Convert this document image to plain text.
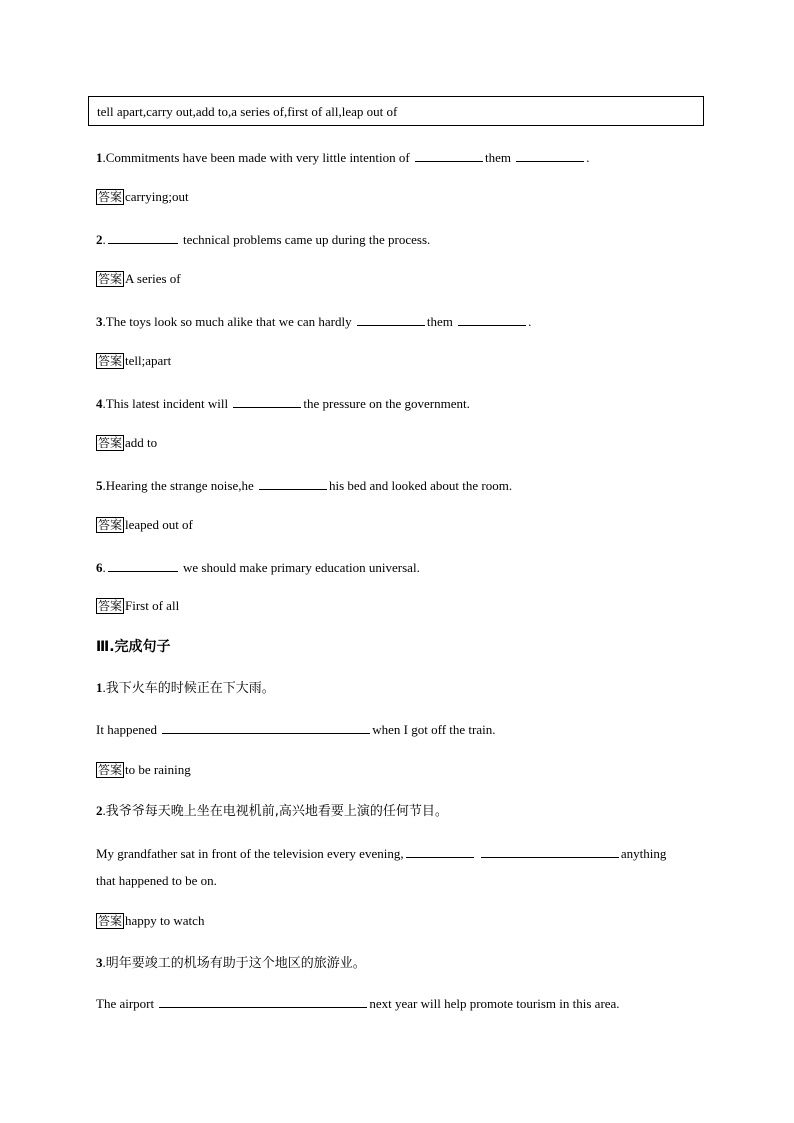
tell apart,carry out,add to,a series of,first of all,leap out of
1.Commitments have been made with very little intention of	them	.
答案 carrying;out
2.	technical problems came up during the process.
答案 A series of
3.The toys look so much alike that we can hardly	them	.
答案 tell;apart
4.This latest incident will	the pressure on the government.
答案 add to
5.Hearing the strange noise,he	his bed and looked about the room.
答案 leaped out of
6.	we should make primary education universal.
答案 First of all
Ⅲ.完成句子
1.我下火车的时候正在下大雨。
It happened	when I got off the train.
答案 to be raining
2.我爷爷每天晚上坐在电视机前,高兴地看要上演的任何节目。
My grandfather sat in front of the television every evening,	anything
that happened to be on.
答案 happy to watch
3.明年要竣工的机场有助于这个地区的旅游业。
The airport	next year will help promote tourism in this area.
